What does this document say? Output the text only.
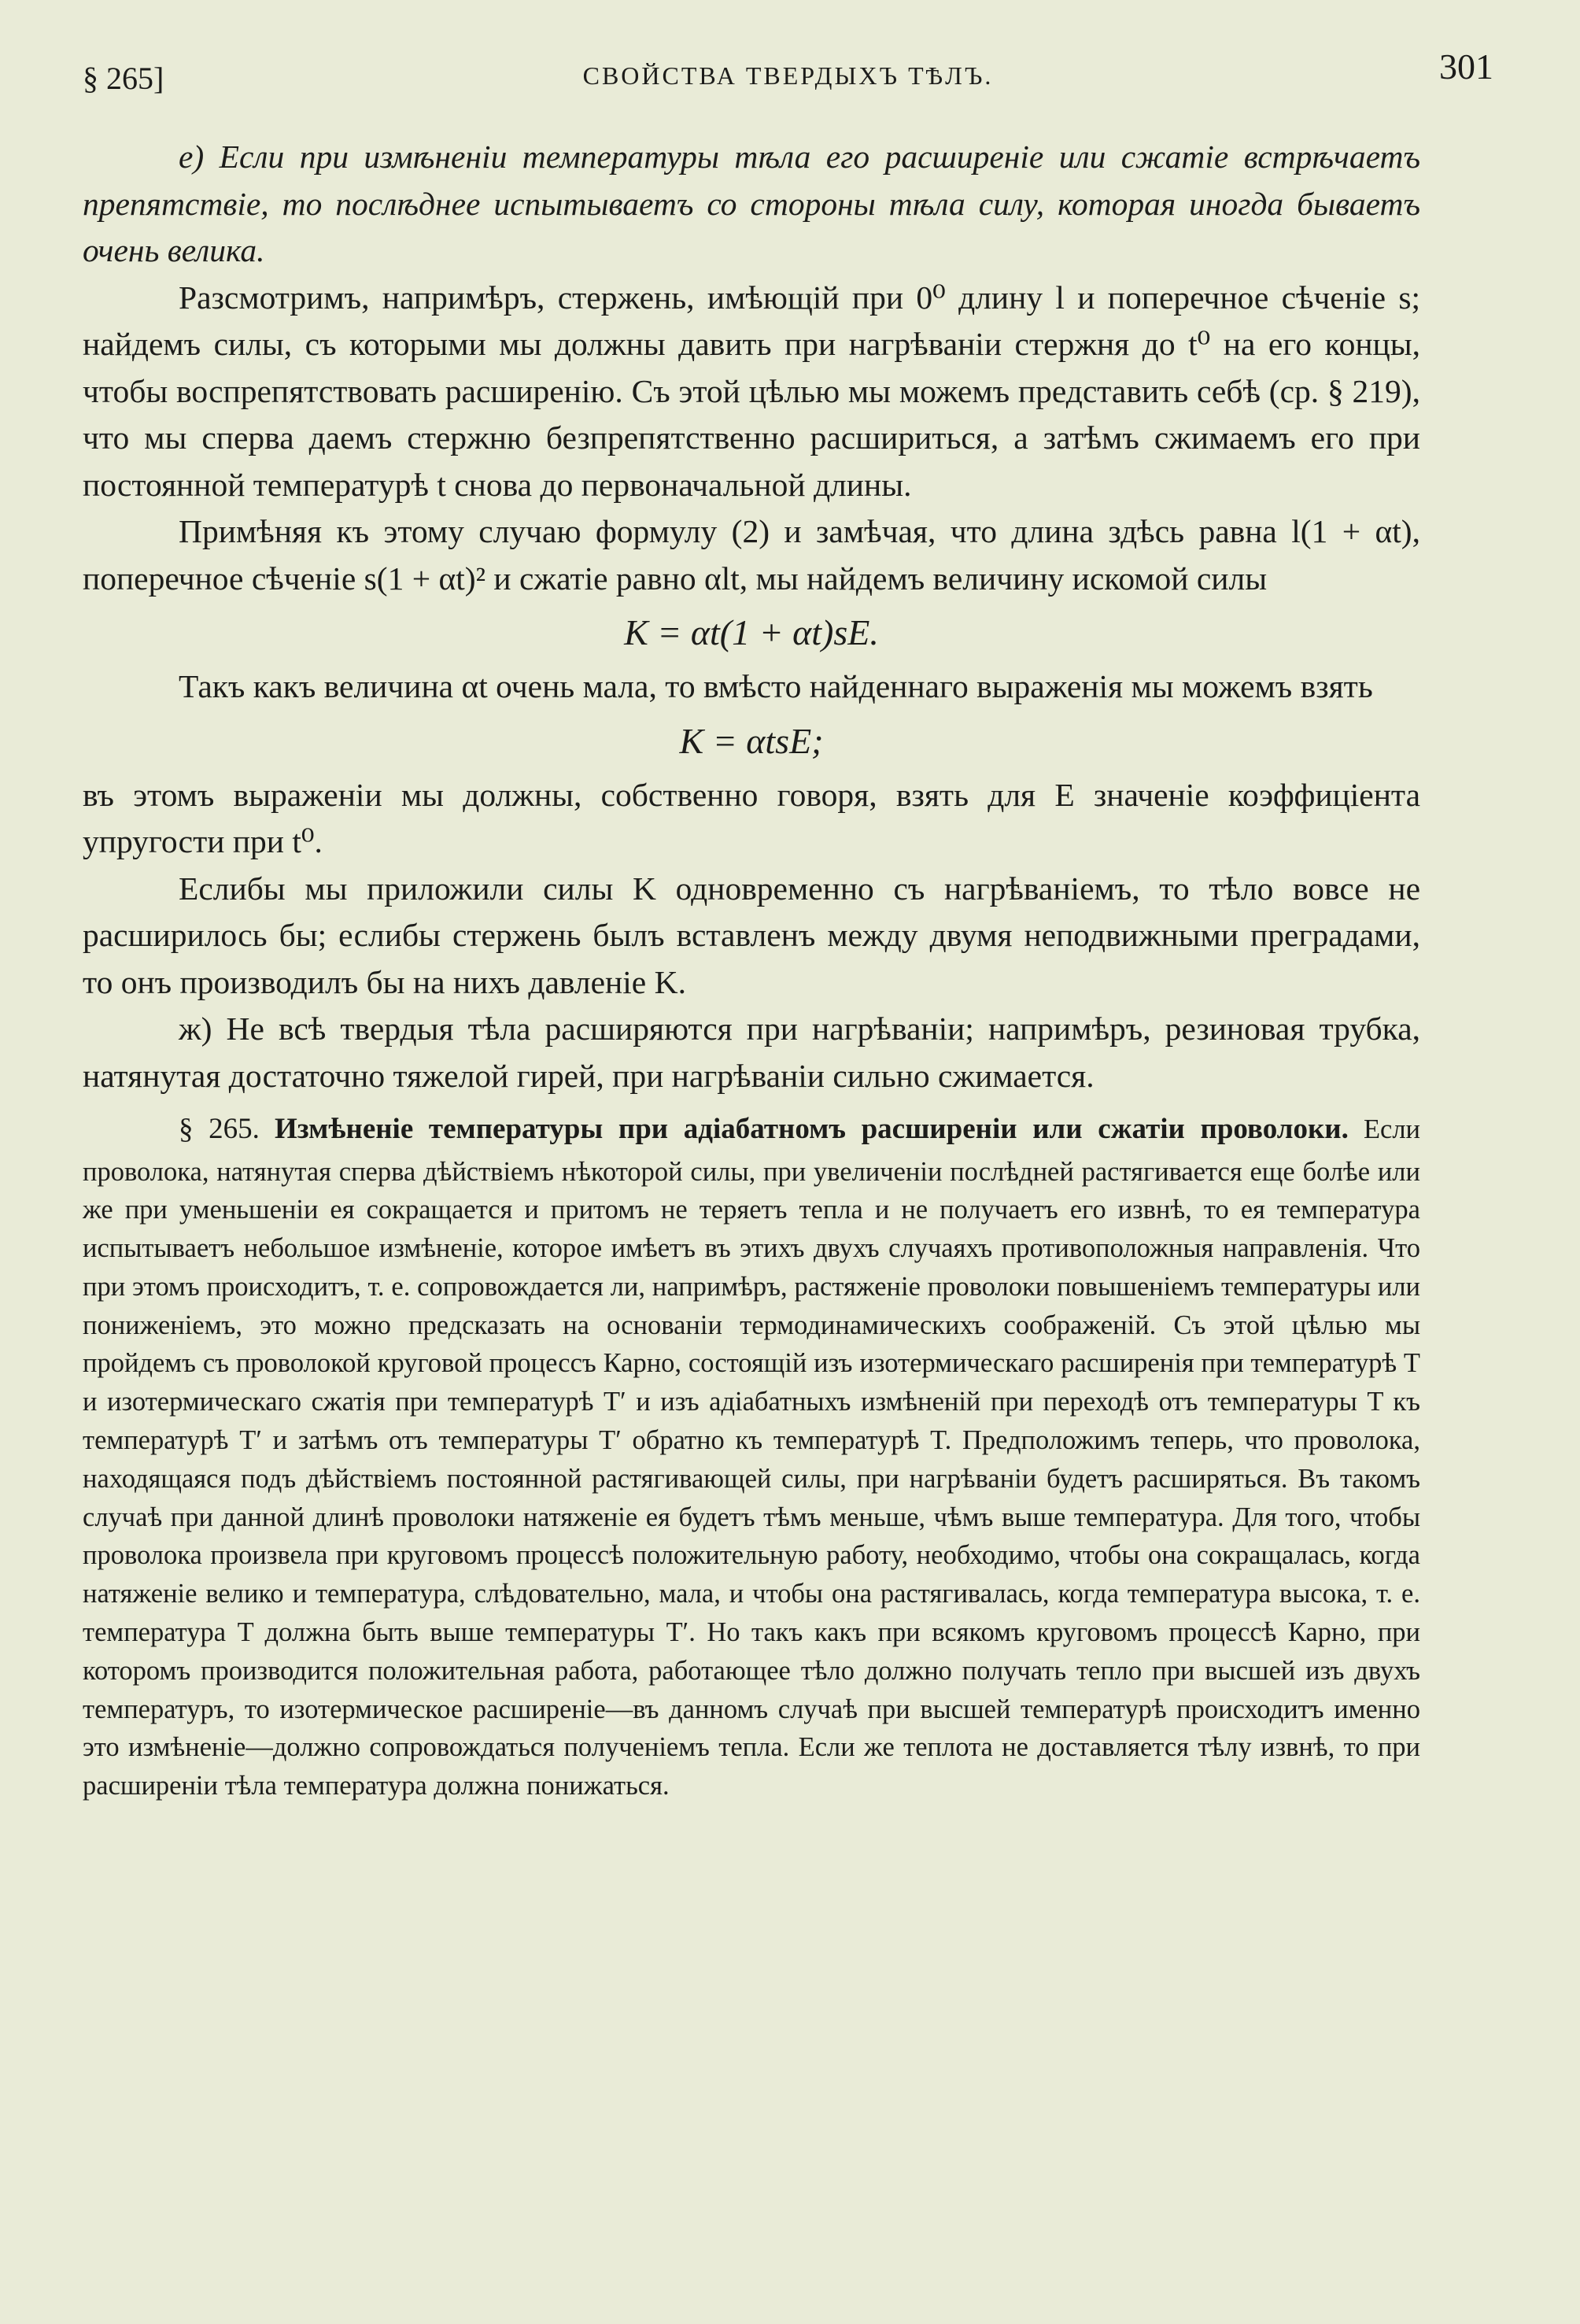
§ 265]	СВОЙСТВА ТВЕРДЫХЪ ТѢЛЪ.	301

е) Если при измѣненіи температуры тѣла его расширеніе или сжатіе встрѣчаетъ препятствіе, то послѣднее испытываетъ со стороны тѣла силу, которая иногда бываетъ очень велика.

Разсмотримъ, напримѣръ, стержень, имѣющій при 0⁰ длину l и поперечное сѣченіе s; найдемъ силы, съ которыми мы должны давить при нагрѣваніи стержня до t⁰ на его концы, чтобы воспрепятствовать расширенію. Съ этой цѣлью мы можемъ представить себѣ (ср. § 219), что мы сперва даемъ стержню безпрепятственно расшириться, а затѣмъ сжимаемъ его при постоянной температурѣ t снова до первоначальной длины.

Примѣняя къ этому случаю формулу (2) и замѣчая, что длина здѣсь равна l(1 + αt), поперечное сѣченіе s(1 + αt)² и сжатіе равно αlt, мы найдемъ величину искомой силы

K = αt(1 + αt)sE.

Такъ какъ величина αt очень мала, то вмѣсто найденнаго выраженія мы можемъ взять

K = αtsE;

въ этомъ выраженіи мы должны, собственно говоря, взять для E значеніе коэффиціента упругости при t⁰.

Еслибы мы приложили силы K одновременно съ нагрѣваніемъ, то тѣло вовсе не расширилось бы; еслибы стержень былъ вставленъ между двумя неподвижными преградами, то онъ производилъ бы на нихъ давленіе K.

ж) Не всѣ твердыя тѣла расширяются при нагрѣваніи; напримѣръ, резиновая трубка, натянутая достаточно тяжелой гирей, при нагрѣваніи сильно сжимается.

§ 265. Измѣненіе температуры при адіабатномъ расширеніи или сжатіи проволоки. Если проволока, натянутая сперва дѣйствіемъ нѣкоторой силы, при увеличеніи послѣдней растягивается еще болѣе или же при уменьшеніи ея сокращается и притомъ не теряетъ тепла и не получаетъ его извнѣ, то ея температура испытываетъ небольшое измѣненіе, которое имѣетъ въ этихъ двухъ случаяхъ противоположныя направленія. Что при этомъ происходитъ, т. е. сопровождается ли, напримѣръ, растяженіе проволоки повышеніемъ температуры или пониженіемъ, это можно предсказать на основаніи термодинамическихъ соображеній. Съ этой цѣлью мы пройдемъ съ проволокой круговой процессъ Карно, состоящій изъ изотермическаго расширенія при температурѣ T и изотермическаго сжатія при температурѣ T′ и изъ адіабатныхъ измѣненій при переходѣ отъ температуры T къ температурѣ T′ и затѣмъ отъ температуры T′ обратно къ температурѣ T. Предположимъ теперь, что проволока, находящаяся подъ дѣйствіемъ постоянной растягивающей силы, при нагрѣваніи будетъ расширяться. Въ такомъ случаѣ при данной длинѣ проволоки натяженіе ея будетъ тѣмъ меньше, чѣмъ выше температура. Для того, чтобы проволока произвела при круговомъ процессѣ положительную работу, необходимо, чтобы она сокращалась, когда натяженіе велико и температура, слѣдовательно, мала, и чтобы она растягивалась, когда температура высока, т. е. температура T должна быть выше температуры T′. Но такъ какъ при всякомъ круговомъ процессѣ Карно, при которомъ производится положительная работа, работающее тѣло должно получать тепло при высшей изъ двухъ температуръ, то изотермическое расширеніе—въ данномъ случаѣ при высшей температурѣ происходитъ именно это измѣненіе—должно сопровождаться полученіемъ тепла. Если же теплота не доставляется тѣлу извнѣ, то при расширеніи тѣла температура должна понижаться.
